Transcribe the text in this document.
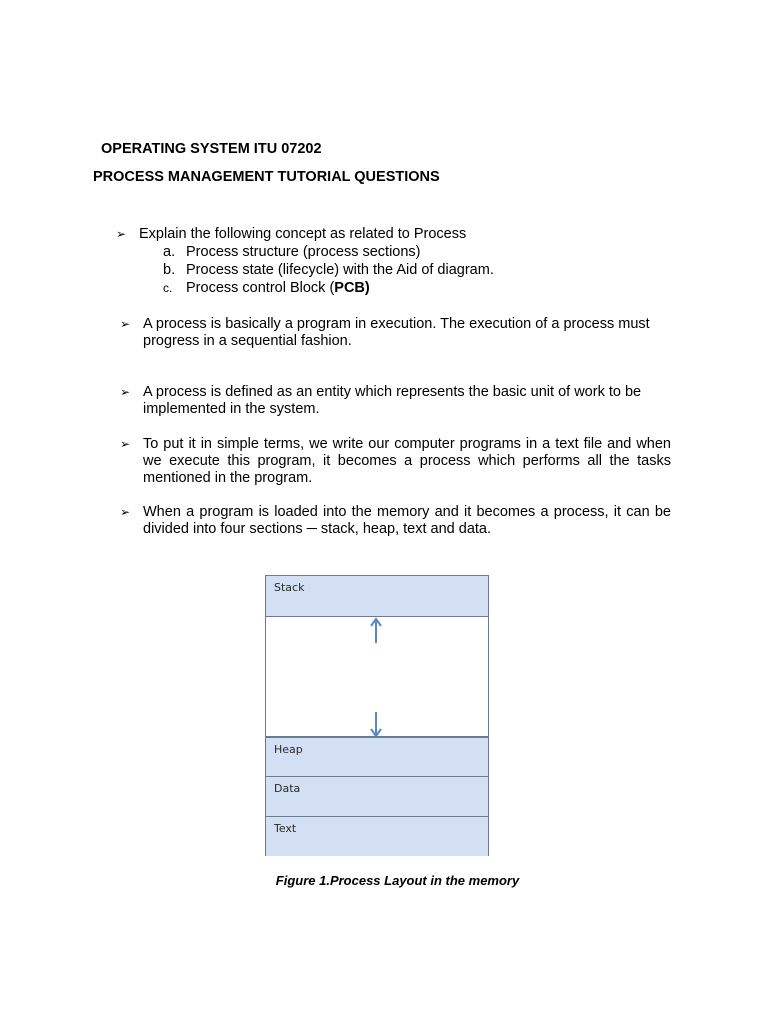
OPERATING SYSTEM ITU 07202
PROCESS MANAGEMENT TUTORIAL QUESTIONS
➢ Explain the following concept as related to Process
a. Process structure (process sections)
b. Process state (lifecycle) with the Aid of diagram.
c. Process control Block (PCB)
➢ A process is basically a program in execution. The execution of a process must progress in a sequential fashion.
➢ A process is defined as an entity which represents the basic unit of work to be implemented in the system.
➢ To put it in simple terms, we write our computer programs in a text file and when we execute this program, it becomes a process which performs all the tasks mentioned in the program.
➢ When a program is loaded into the memory and it becomes a process, it can be divided into four sections ─ stack, heap, text and data.
Stack
Heap
Data
Text
Figure 1.Process Layout in the memory
